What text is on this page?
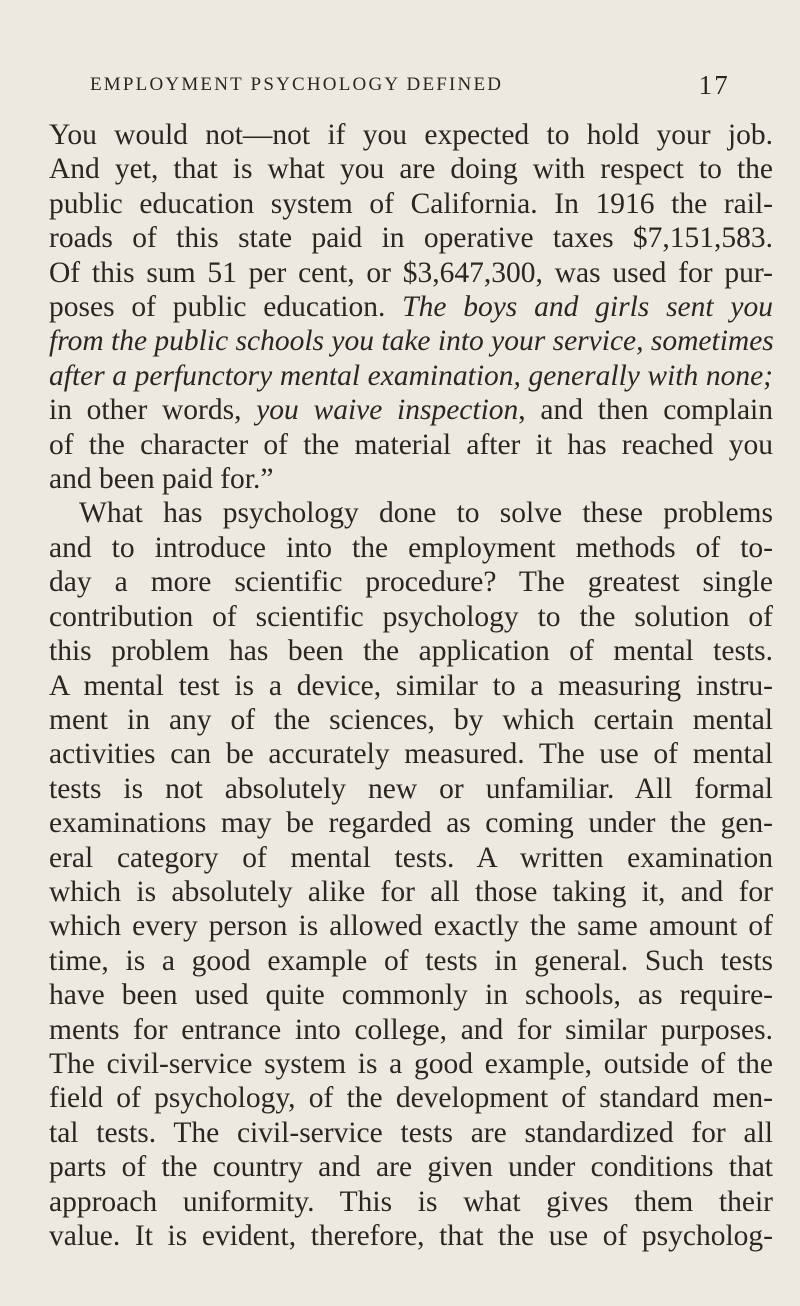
EMPLOYMENT PSYCHOLOGY DEFINED	17
You would not—not if you expected to hold your job.
And yet, that is what you are doing with respect to the
public education system of California. In 1916 the rail-
roads of this state paid in operative taxes $7,151,583.
Of this sum 51 per cent, or $3,647,300, was used for pur-
poses of public education. The boys and girls sent you
from the public schools you take into your service, sometimes
after a perfunctory mental examination, generally with none;
in other words, you waive inspection, and then complain
of the character of the material after it has reached you
and been paid for.”
What has psychology done to solve these problems
and to introduce into the employment methods of to-
day a more scientific procedure? The greatest single
contribution of scientific psychology to the solution of
this problem has been the application of mental tests.
A mental test is a device, similar to a measuring instru-
ment in any of the sciences, by which certain mental
activities can be accurately measured. The use of mental
tests is not absolutely new or unfamiliar. All formal
examinations may be regarded as coming under the gen-
eral category of mental tests. A written examination
which is absolutely alike for all those taking it, and for
which every person is allowed exactly the same amount of
time, is a good example of tests in general. Such tests
have been used quite commonly in schools, as require-
ments for entrance into college, and for similar purposes.
The civil-service system is a good example, outside of the
field of psychology, of the development of standard men-
tal tests. The civil-service tests are standardized for all
parts of the country and are given under conditions that
approach uniformity. This is what gives them their
value. It is evident, therefore, that the use of psycholog-
